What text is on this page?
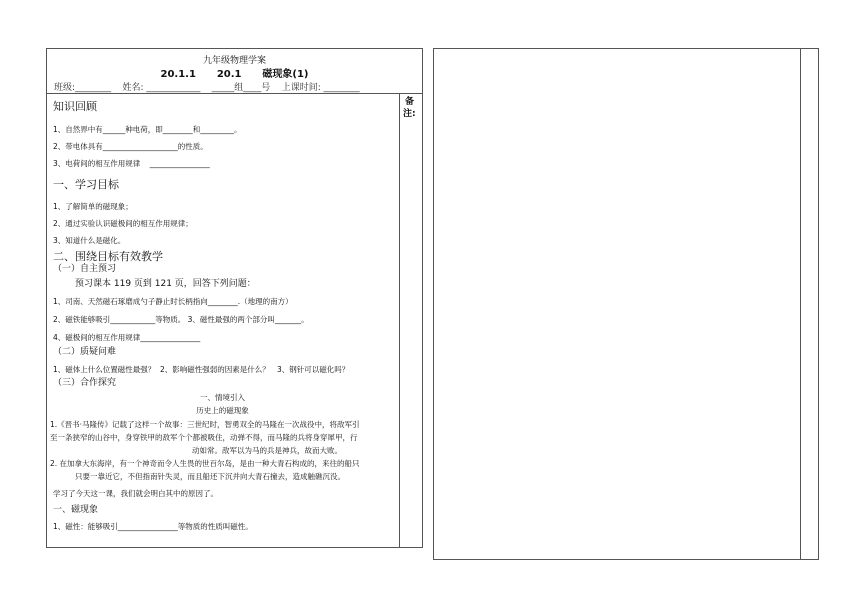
九年级物理学案
20.1.1      20.1      磁现象(1)
班级:________    姓名: ____________    _____组____号    上课时间: ________
备
注:
知识回顾
1、自然界中有______种电荷，即________和_________。
2、带电体具有____________________的性质。
3、电荷间的相互作用规律    ________________
一、学习目标
1、了解简单的磁现象；
2、通过实验认识磁极间的相互作用规律；
3、知道什么是磁化。
二、围绕目标有效教学
（一）自主预习
预习课本 119 页到 121 页，回答下列问题：
1、司南、天然磁石琢磨成勺子静止时长柄指向________.（地理的南方）
2、磁铁能够吸引____________等物质。 3、磁性最强的两个部分叫_______。
4、磁极间的相互作用规律________________
（二）质疑问难
1、磁体上什么位置磁性最强？  2、影响磁性强弱的因素是什么？   3、钢针可以磁化吗？
（三）合作探究
一、情境引入
历史上的磁现象
1.《晋书·马隆传》记载了这样一个故事：三世纪时，智勇双全的马隆在一次战役中，将敌军引
至一条狭窄的山谷中，身穿铁甲的敌军个个都被吸住，动弹不得，而马隆的兵将身穿犀甲，行
动如常。敌军以为马的兵是神兵，故而大败。
2. 在加拿大东海岸，有一个神奇而令人生畏的世百尔岛，是由一种大青石构成的，来往的船只
只要一靠近它，不但指南针失灵，而且船还下沉并向大青石撞去，造成触礁沉没。
学习了今天这一课，我们就会明白其中的原因了。
一、磁现象
1、磁性：能够吸引________________等物质的性质叫磁性。
